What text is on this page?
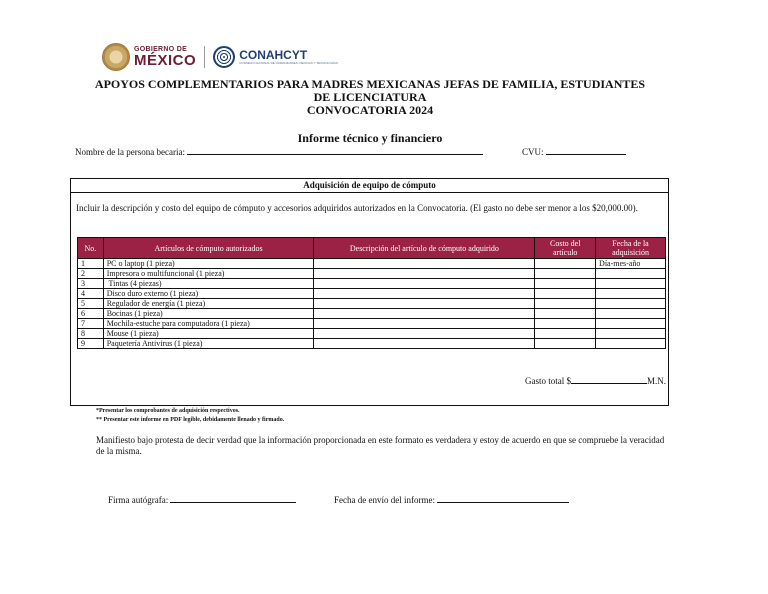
GOBIERNO DE
MÉXICO	CONAHCYT
CONSEJO NACIONAL DE HUMANIDADES CIENCIAS Y TECNOLOGÍAS
APOYOS COMPLEMENTARIOS PARA MADRES MEXICANAS JEFAS DE FAMILIA, ESTUDIANTES
DE LICENCIATURA
CONVOCATORIA 2024
Informe técnico y financiero
Nombre de la persona becaria:	CVU:
Adquisición de equipo de cómputo
Incluir la descripción y costo del equipo de cómputo y accesorios adquiridos autorizados en la Convocatoria. (El gasto no debe ser menor a los $20,000.00).
No.	Artículos de cómputo autorizados	Descripción del artículo de cómputo adquirido	Costo del artículo	Fecha de la adquisición
1	PC o laptop (1 pieza)			Día-mes-año
2	Impresora o multifuncional (1 pieza)			
3	Tintas (4 piezas)			
4	Disco duro externo (1 pieza)			
5	Regulador de energía (1 pieza)			
6	Bocinas (1 pieza)			
7	Mochila-estuche para computadora (1 pieza)			
8	Mouse (1 pieza)			
9	Paquetería Antivirus (1 pieza)			
Gasto total $	M.N.
*Presentar los comprobantes de adquisición respectivos.
** Presentar este informe en PDF legible, debidamente llenado y firmado.
Manifiesto bajo protesta de decir verdad que la información proporcionada en este formato es verdadera y estoy de acuerdo en que se compruebe la veracidad de la misma.
Firma autógrafa:	Fecha de envío del informe:
